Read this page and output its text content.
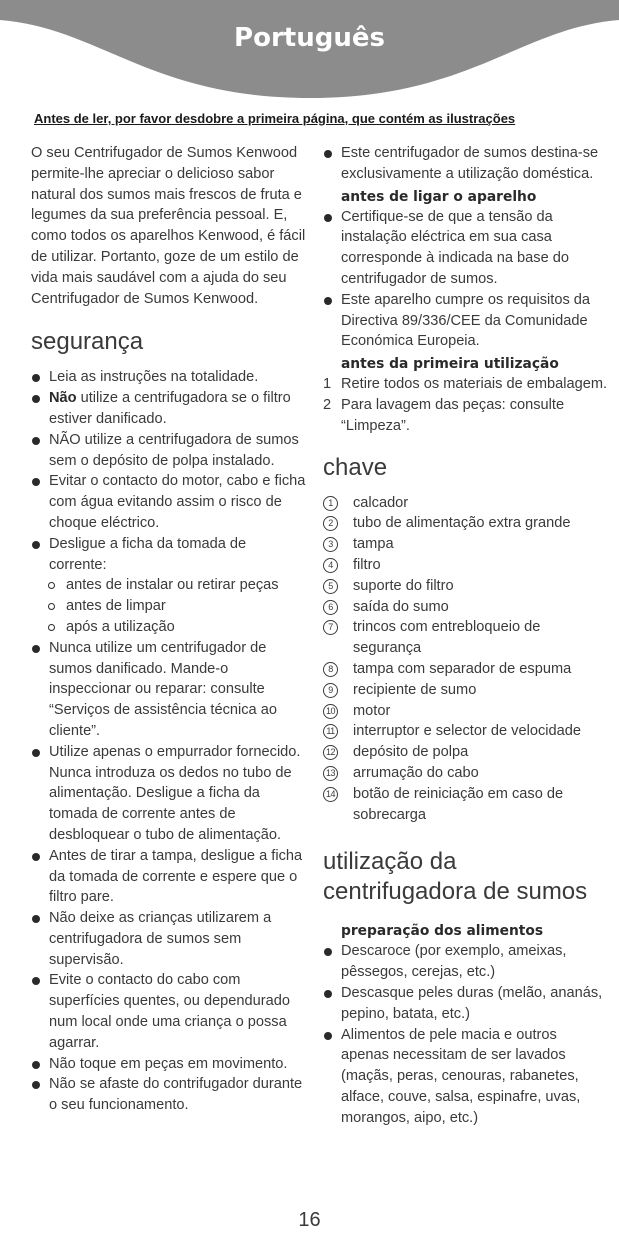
Português
Antes de ler, por favor desdobre a primeira página, que contém as ilustrações

O seu Centrifugador de Sumos Kenwood permite-lhe apreciar o delicioso sabor natural dos sumos mais frescos de fruta e legumes da sua preferência pessoal. E, como todos os aparelhos Kenwood, é fácil de utilizar. Portanto, goze de um estilo de vida mais saudável com a ajuda do seu Centrifugador de Sumos Kenwood.

segurança
Leia as instruções na totalidade.
Não utilize a centrifugadora se o filtro estiver danificado.
NÃO utilize a centrifugadora de sumos sem o depósito de polpa instalado.
Evitar o contacto do motor, cabo e ficha com água evitando assim o risco de choque eléctrico.
Desligue a ficha da tomada de corrente:
antes de instalar ou retirar peças
antes de limpar
após a utilização
Nunca utilize um centrifugador de sumos danificado. Mande-o inspeccionar ou reparar: consulte “Serviços de assistência técnica ao cliente”.
Utilize apenas o empurrador fornecido. Nunca introduza os dedos no tubo de alimentação. Desligue a ficha da tomada de corrente antes de desbloquear o tubo de alimentação.
Antes de tirar a tampa, desligue a ficha da tomada de corrente e espere que o filtro pare.
Não deixe as crianças utilizarem a centrifugadora de sumos sem supervisão.
Evite o contacto do cabo com superfícies quentes, ou dependurado num local onde uma criança o possa agarrar.
Não toque em peças em movimento.
Não se afaste do contrifugador durante o seu funcionamento.
Este centrifugador de sumos destina-se exclusivamente a utilização doméstica.
antes de ligar o aparelho
Certifique-se de que a tensão da instalação eléctrica em sua casa corresponde à indicada na base do centrifugador de sumos.
Este aparelho cumpre os requisitos da Directiva 89/336/CEE da Comunidade Económica Europeia.
antes da primeira utilização
1 Retire todos os materiais de embalagem.
2 Para lavagem das peças: consulte “Limpeza”.
chave
1	calcador
2	tubo de alimentação extra grande
3	tampa
4	filtro
5	suporte do filtro
6	saída do sumo
7	trincos com entrebloqueio de segurança
8	tampa com separador de espuma
9	recipiente de sumo
10 motor
11 interruptor e selector de velocidade
12 depósito de polpa
13 arrumação do cabo
14 botão de reiniciação em caso de sobrecarga
utilização da centrifugadora de sumos
preparação dos alimentos
Descaroce (por exemplo, ameixas, pêssegos, cerejas, etc.)
Descasque peles duras (melão, ananás, pepino, batata, etc.)
Alimentos de pele macia e outros apenas necessitam de ser lavados (maçãs, peras, cenouras, rabanetes, alface, couve, salsa, espinafre, uvas, morangos, aipo, etc.)
16
